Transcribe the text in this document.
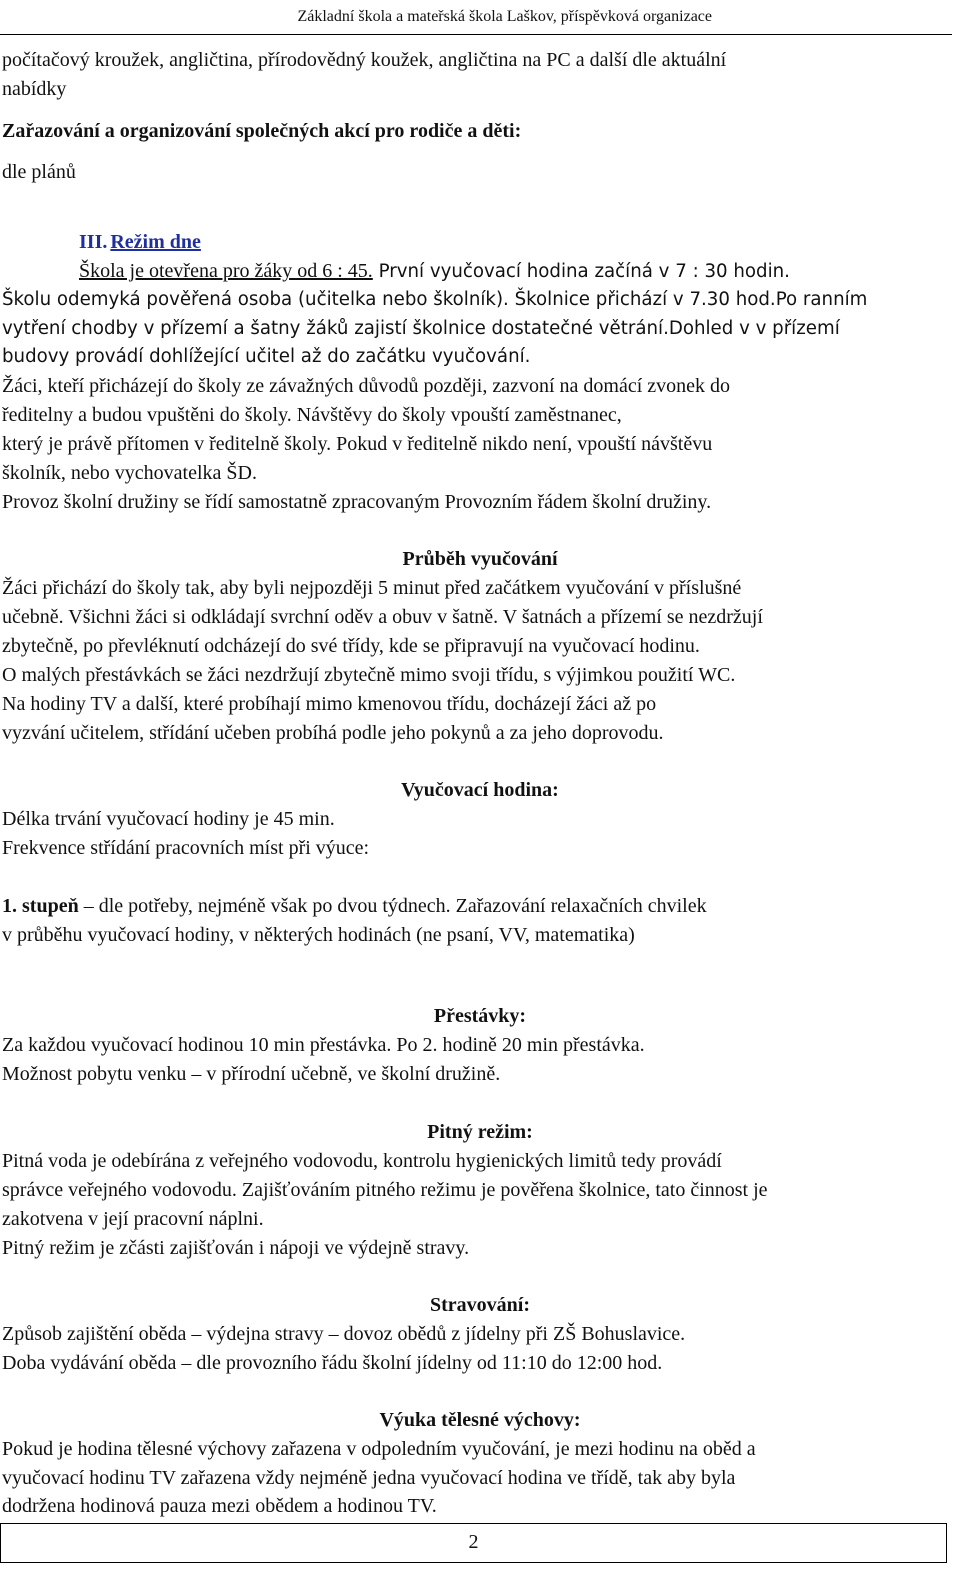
Základní škola a mateřská škola Laškov, příspěvková organizace
počítačový kroužek, angličtina, přírodovědný koužek, angličtina na PC a další dle aktuální
nabídky
Zařazování a organizování společných akcí pro rodiče a děti:
dle plánů
III. Režim dne
Škola je otevřena pro žáky od 6 : 45. První vyučovací hodina začíná v 7 : 30 hodin.
Školu odemyká pověřená osoba (učitelka nebo školník). Školnice přichází v 7.30 hod.Po ranním
vytření chodby v přízemí a šatny žáků zajistí školnice dostatečné větrání.Dohled v v přízemí
budovy provádí dohlížející učitel až do začátku vyučování.
Žáci, kteří přicházejí do školy ze závažných důvodů později, zazvoní na domácí zvonek do
ředitelny a budou vpuštěni do školy. Návštěvy do školy vpouští zaměstnanec,
který je právě přítomen v ředitelně školy. Pokud v ředitelně nikdo není, vpouští návštěvu
školník, nebo vychovatelka ŠD.
Provoz školní družiny se řídí samostatně zpracovaným Provozním řádem školní družiny.
Průběh vyučování
Žáci přichází do školy tak, aby byli nejpozději 5 minut před začátkem vyučování v příslušné
učebně. Všichni žáci si odkládají svrchní oděv a obuv v šatně. V šatnách a přízemí se nezdržují
zbytečně, po převléknutí odcházejí do své třídy, kde se připravují na vyučovací hodinu.
O malých přestávkách se žáci nezdržují zbytečně mimo svoji třídu, s výjimkou použití WC.
Na hodiny TV a další, které probíhají mimo kmenovou třídu, docházejí žáci až po
vyzvání učitelem, střídání učeben probíhá podle jeho pokynů a za jeho doprovodu.
Vyučovací hodina:
Délka trvání vyučovací hodiny je 45 min.
Frekvence střídání pracovních míst při výuce:
1. stupeň – dle potřeby, nejméně však po dvou týdnech. Zařazování relaxačních chvilek
v průběhu vyučovací hodiny, v některých hodinách (ne psaní, VV, matematika)
Přestávky:
Za každou vyučovací hodinou 10 min přestávka. Po 2. hodině 20 min přestávka.
Možnost pobytu venku – v přírodní učebně, ve školní družině.
Pitný režim:
Pitná voda je odebírána z veřejného vodovodu, kontrolu hygienických limitů tedy provádí
správce veřejného vodovodu. Zajišťováním pitného režimu je pověřena školnice, tato činnost je
zakotvena v její pracovní náplni.
Pitný režim je zčásti zajišťován i nápoji ve výdejně stravy.
Stravování:
Způsob zajištění oběda – výdejna stravy – dovoz obědů z jídelny při ZŠ Bohuslavice.
Doba vydávání oběda – dle provozního řádu školní jídelny od 11:10 do 12:00 hod.
Výuka tělesné výchovy:
Pokud je hodina tělesné výchovy zařazena v odpoledním vyučování, je mezi hodinu na oběd a
vyučovací hodinu TV zařazena vždy nejméně jedna vyučovací hodina ve třídě, tak aby byla
dodržena hodinová pauza mezi obědem a hodinou TV.
2
